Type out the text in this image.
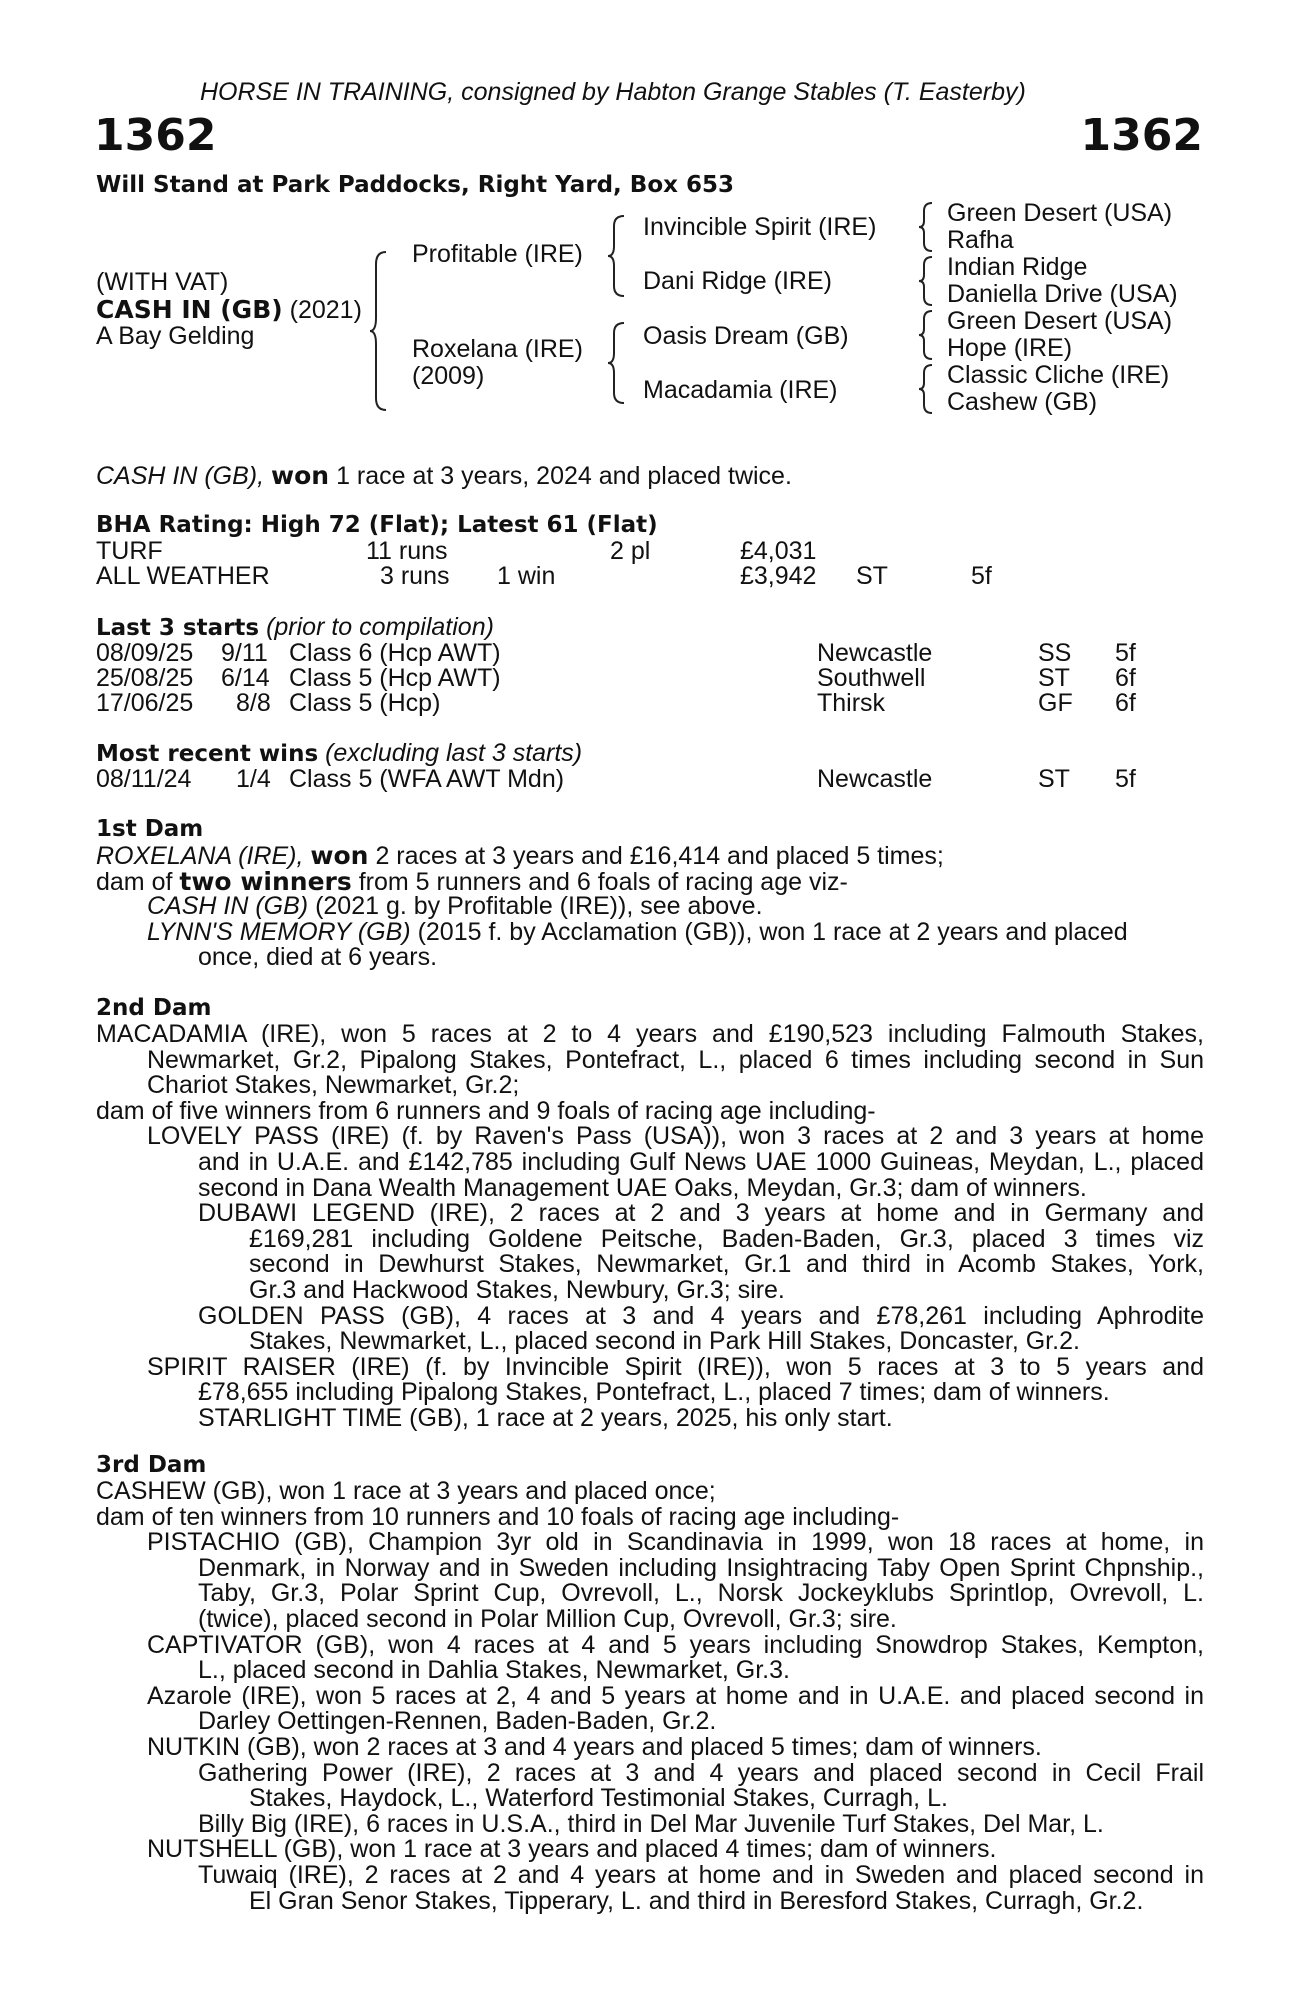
HORSE IN TRAINING, consigned by Habton Grange Stables (T. Easterby)
1362	1362
Will Stand at Park Paddocks, Right Yard, Box 653
(WITH VAT)
CASH IN (GB) (2021)
A Bay Gelding
Profitable (IRE)
Roxelana (IRE)
(2009)
Invincible Spirit (IRE)
Dani Ridge (IRE)
Oasis Dream (GB)
Macadamia (IRE)
Green Desert (USA)
Rafha
Indian Ridge
Daniella Drive (USA)
Green Desert (USA)
Hope (IRE)
Classic Cliche (IRE)
Cashew (GB)
CASH IN (GB), won 1 race at 3 years, 2024 and placed twice.
BHA Rating: High 72 (Flat); Latest 61 (Flat)
TURF	11 runs	2 pl	£4,031
ALL WEATHER	3 runs 1 win	£3,942 ST	5f
Last 3 starts (prior to compilation)
08/09/25 9/11 Class 6 (Hcp AWT)	Newcastle	SS 5f
25/08/25 6/14 Class 5 (Hcp AWT)	Southwell	ST 6f
17/06/25 8/8 Class 5 (Hcp)	Thirsk	GF 6f
Most recent wins (excluding last 3 starts)
08/11/24 1/4 Class 5 (WFA AWT Mdn)	Newcastle	ST 5f
1st Dam
ROXELANA (IRE), won 2 races at 3 years and £16,414 and placed 5 times;
dam of two winners from 5 runners and 6 foals of racing age viz-
CASH IN (GB) (2021 g. by Profitable (IRE)), see above.
LYNN'S MEMORY (GB) (2015 f. by Acclamation (GB)), won 1 race at 2 years and placed
once, died at 6 years.
2nd Dam
MACADAMIA (IRE), won 5 races at 2 to 4 years and £190,523 including Falmouth Stakes,
Newmarket, Gr.2, Pipalong Stakes, Pontefract, L., placed 6 times including second in Sun
Chariot Stakes, Newmarket, Gr.2;
dam of five winners from 6 runners and 9 foals of racing age including-
LOVELY PASS (IRE) (f. by Raven's Pass (USA)), won 3 races at 2 and 3 years at home
and in U.A.E. and £142,785 including Gulf News UAE 1000 Guineas, Meydan, L., placed
second in Dana Wealth Management UAE Oaks, Meydan, Gr.3; dam of winners.
DUBAWI LEGEND (IRE), 2 races at 2 and 3 years at home and in Germany and
£169,281 including Goldene Peitsche, Baden-Baden, Gr.3, placed 3 times viz
second in Dewhurst Stakes, Newmarket, Gr.1 and third in Acomb Stakes, York,
Gr.3 and Hackwood Stakes, Newbury, Gr.3; sire.
GOLDEN PASS (GB), 4 races at 3 and 4 years and £78,261 including Aphrodite
Stakes, Newmarket, L., placed second in Park Hill Stakes, Doncaster, Gr.2.
SPIRIT RAISER (IRE) (f. by Invincible Spirit (IRE)), won 5 races at 3 to 5 years and
£78,655 including Pipalong Stakes, Pontefract, L., placed 7 times; dam of winners.
STARLIGHT TIME (GB), 1 race at 2 years, 2025, his only start.
3rd Dam
CASHEW (GB), won 1 race at 3 years and placed once;
dam of ten winners from 10 runners and 10 foals of racing age including-
PISTACHIO (GB), Champion 3yr old in Scandinavia in 1999, won 18 races at home, in
Denmark, in Norway and in Sweden including Insightracing Taby Open Sprint Chpnship.,
Taby, Gr.3, Polar Sprint Cup, Ovrevoll, L., Norsk Jockeyklubs Sprintlop, Ovrevoll, L.
(twice), placed second in Polar Million Cup, Ovrevoll, Gr.3; sire.
CAPTIVATOR (GB), won 4 races at 4 and 5 years including Snowdrop Stakes, Kempton,
L., placed second in Dahlia Stakes, Newmarket, Gr.3.
Azarole (IRE), won 5 races at 2, 4 and 5 years at home and in U.A.E. and placed second in
Darley Oettingen-Rennen, Baden-Baden, Gr.2.
NUTKIN (GB), won 2 races at 3 and 4 years and placed 5 times; dam of winners.
Gathering Power (IRE), 2 races at 3 and 4 years and placed second in Cecil Frail
Stakes, Haydock, L., Waterford Testimonial Stakes, Curragh, L.
Billy Big (IRE), 6 races in U.S.A., third in Del Mar Juvenile Turf Stakes, Del Mar, L.
NUTSHELL (GB), won 1 race at 3 years and placed 4 times; dam of winners.
Tuwaiq (IRE), 2 races at 2 and 4 years at home and in Sweden and placed second in
El Gran Senor Stakes, Tipperary, L. and third in Beresford Stakes, Curragh, Gr.2.
